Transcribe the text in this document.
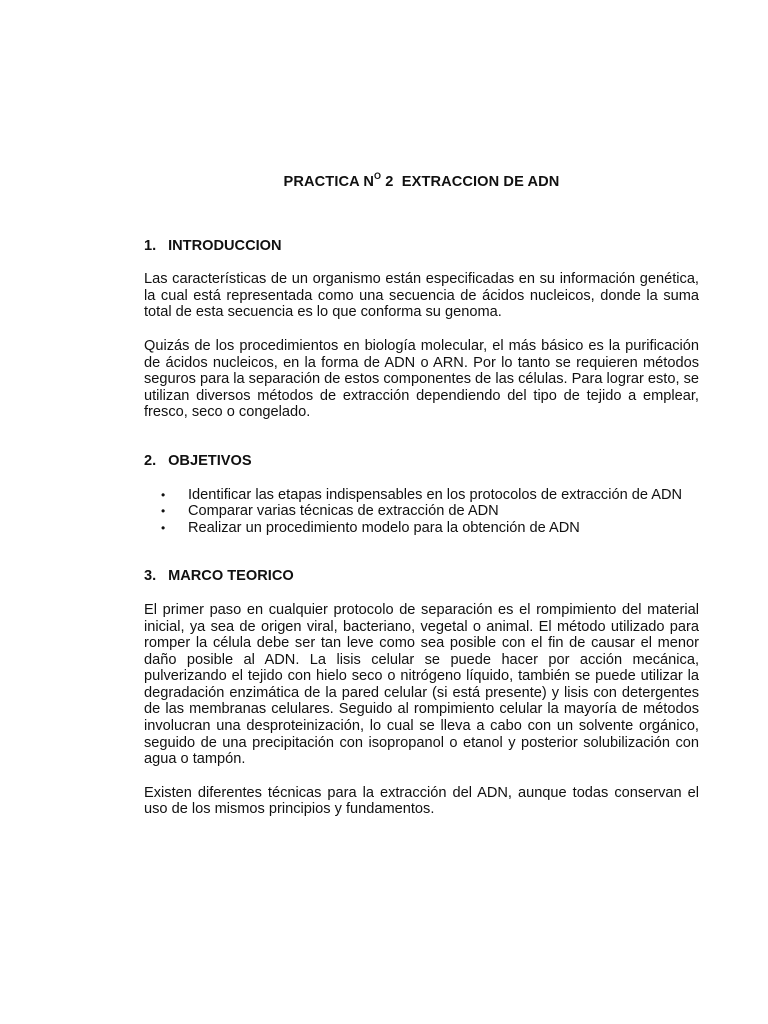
PRACTICA $N^O$ 2  EXTRACCION DE ADN
1. INTRODUCCION

Las características de un organismo están especificadas en su información genética, la cual está representada como una secuencia de ácidos nucleicos, donde la suma total de esta secuencia es lo que conforma su genoma.

Quizás de los procedimientos en biología molecular, el más básico es la purificación de ácidos nucleicos, en la forma de ADN o ARN. Por lo tanto se requieren métodos seguros para la separación de estos componentes de las células. Para lograr esto, se utilizan diversos métodos de extracción dependiendo del tipo de tejido a emplear, fresco, seco o congelado.

2. OBJETIVOS
• Identificar las etapas indispensables en los protocolos de extracción de ADN
• Comparar varias técnicas de extracción de ADN
• Realizar un procedimiento modelo para la obtención de ADN
3. MARCO TEORICO

El primer paso en cualquier protocolo de separación es el rompimiento del material inicial, ya sea de origen viral, bacteriano, vegetal o animal. El método utilizado para romper la célula debe ser tan leve como sea posible con el fin de causar el menor daño posible al ADN. La lisis celular se puede hacer por acción mecánica, pulverizando el tejido con hielo seco o nitrógeno líquido, también se puede utilizar la degradación enzimática de la pared celular (si está presente) y lisis con detergentes de las membranas celulares. Seguido al rompimiento celular la mayoría de métodos involucran una desproteinización, lo cual se lleva a cabo con un solvente orgánico, seguido de una precipitación con isopropanol o etanol y posterior solubilización con agua o tampón.

Existen diferentes técnicas para la extracción del ADN, aunque todas conservan el uso de los mismos principios y fundamentos.
